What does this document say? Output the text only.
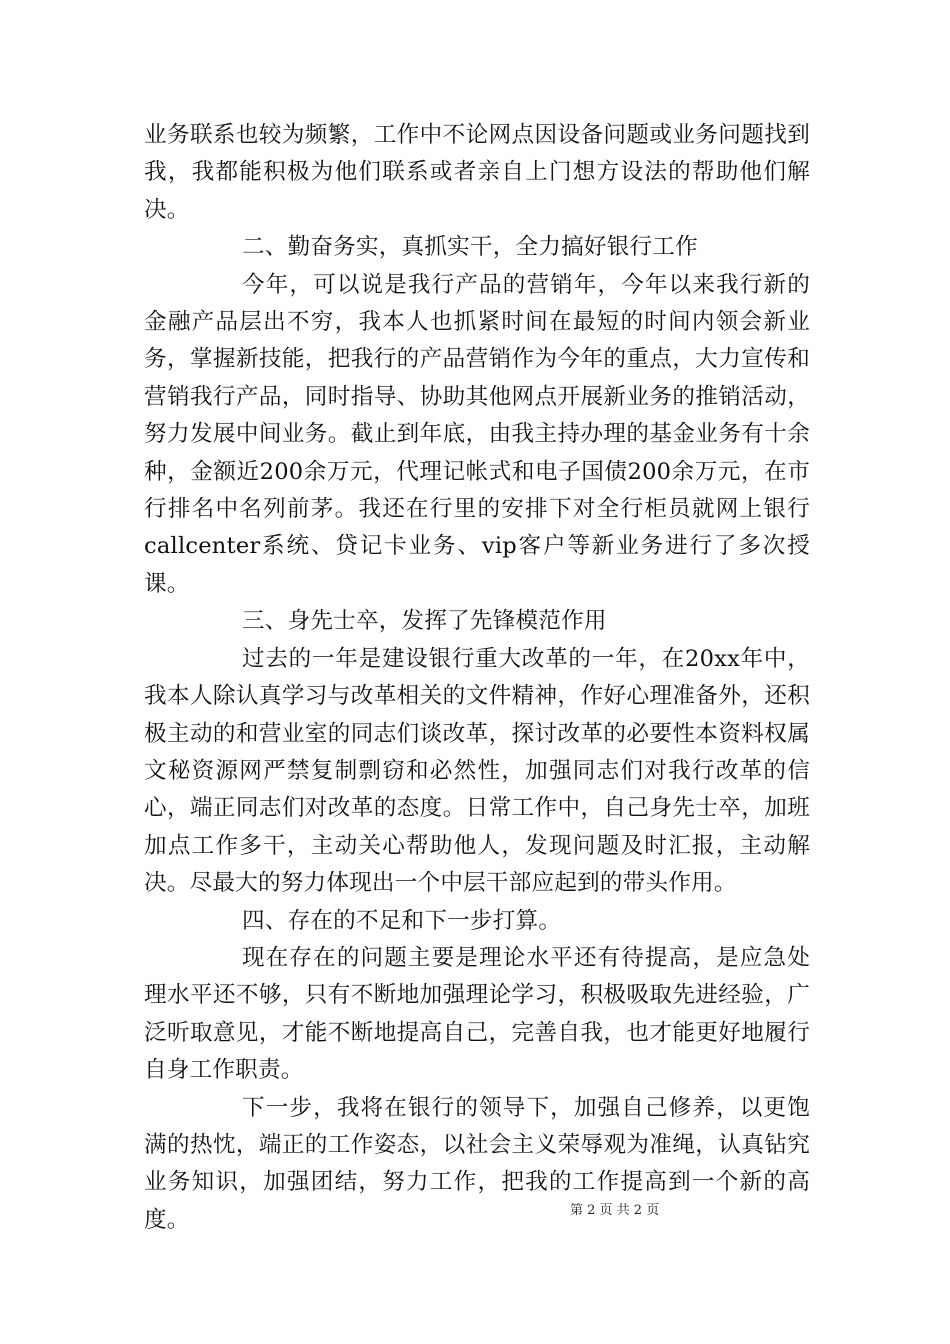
业务联系也较为频繁，工作中不论网点因设备问题或业务问题找到我，我都能积极为他们联系或者亲自上门想方设法的帮助他们解决。

二、勤奋务实，真抓实干，全力搞好银行工作

今年，可以说是我行产品的营销年，今年以来我行新的金融产品层出不穷，我本人也抓紧时间在最短的时间内领会新业务，掌握新技能，把我行的产品营销作为今年的重点，大力宣传和营销我行产品，同时指导、协助其他网点开展新业务的推销活动，努力发展中间业务。截止到年底，由我主持办理的基金业务有十余种，金额近200余万元，代理记帐式和电子国债200余万元，在市行排名中名列前茅。我还在行里的安排下对全行柜员就网上银行callcenter系统、贷记卡业务、vip客户等新业务进行了多次授课。

三、身先士卒，发挥了先锋模范作用

过去的一年是建设银行重大改革的一年，在20xx年中，我本人除认真学习与改革相关的文件精神，作好心理准备外，还积极主动的和营业室的同志们谈改革，探讨改革的必要性本资料权属文秘资源网严禁复制剽窃和必然性，加强同志们对我行改革的信心，端正同志们对改革的态度。日常工作中，自己身先士卒，加班加点工作多干，主动关心帮助他人，发现问题及时汇报，主动解决。尽最大的努力体现出一个中层干部应起到的带头作用。

四、存在的不足和下一步打算。

现在存在的问题主要是理论水平还有待提高，是应急处理水平还不够，只有不断地加强理论学习，积极吸取先进经验，广泛听取意见，才能不断地提高自己，完善自我，也才能更好地履行自身工作职责。

下一步，我将在银行的领导下，加强自己修养，以更饱满的热忱，端正的工作姿态，以社会主义荣辱观为准绳，认真钻究业务知识，加强团结，努力工作，把我的工作提高到一个新的高度。	第 2 页 共 2 页
